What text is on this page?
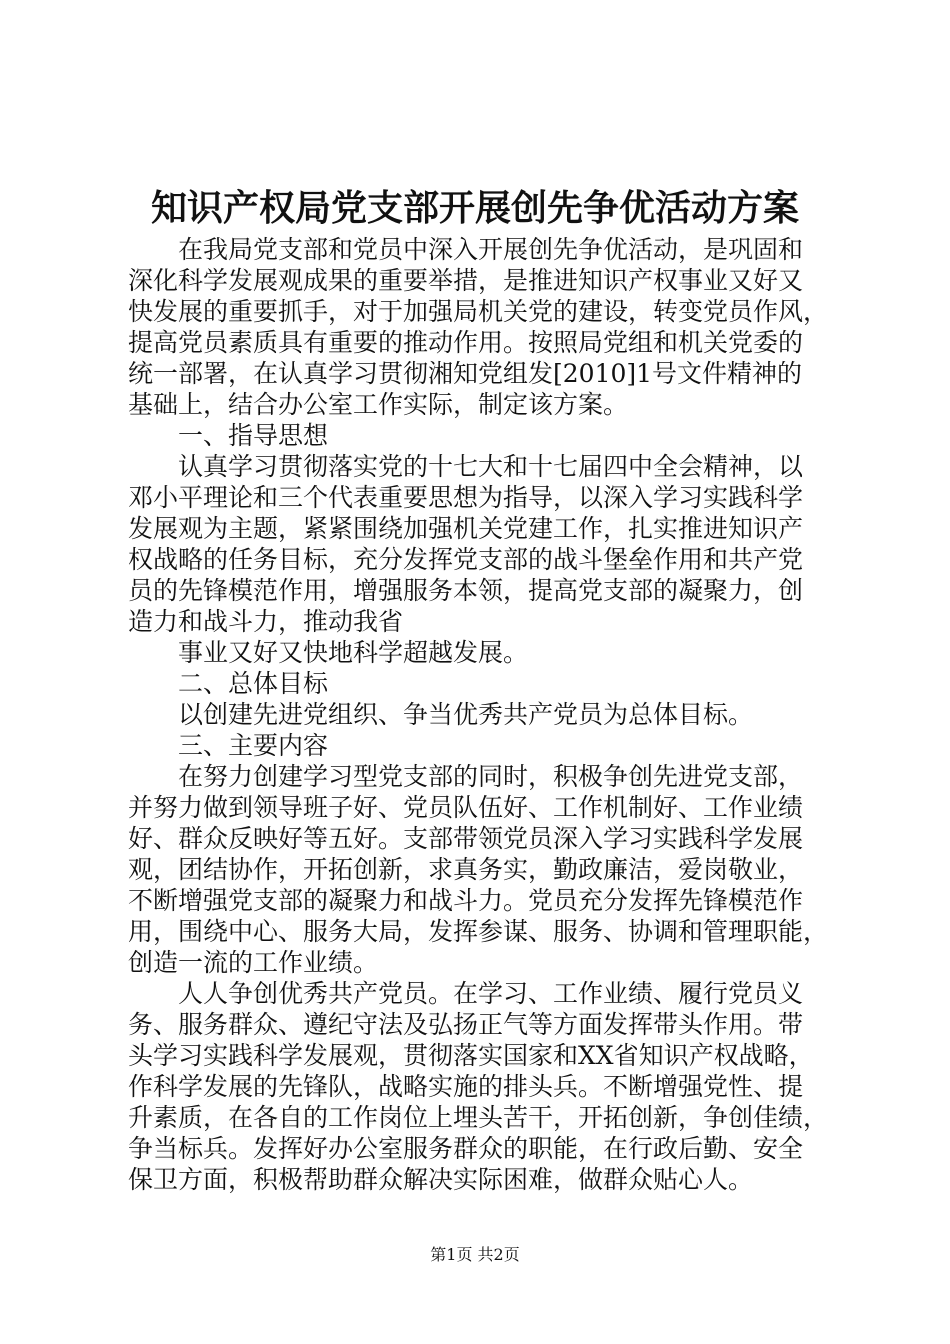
知识产权局党支部开展创先争优活动方案
在我局党支部和党员中深入开展创先争优活动，是巩固和
深化科学发展观成果的重要举措，是推进知识产权事业又好又
快发展的重要抓手，对于加强局机关党的建设，转变党员作风，
提高党员素质具有重要的推动作用。按照局党组和机关党委的
统一部署，在认真学习贯彻湘知党组发[2010]1号文件精神的
基础上，结合办公室工作实际，制定该方案。
一、指导思想
认真学习贯彻落实党的十七大和十七届四中全会精神，以
邓小平理论和三个代表重要思想为指导，以深入学习实践科学
发展观为主题，紧紧围绕加强机关党建工作，扎实推进知识产
权战略的任务目标，充分发挥党支部的战斗堡垒作用和共产党
员的先锋模范作用，增强服务本领，提高党支部的凝聚力，创
造力和战斗力，推动我省
事业又好又快地科学超越发展。
二、总体目标
以创建先进党组织、争当优秀共产党员为总体目标。
三、主要内容
在努力创建学习型党支部的同时，积极争创先进党支部，
并努力做到领导班子好、党员队伍好、工作机制好、工作业绩
好、群众反映好等五好。支部带领党员深入学习实践科学发展
观，团结协作，开拓创新，求真务实，勤政廉洁，爱岗敬业，
不断增强党支部的凝聚力和战斗力。党员充分发挥先锋模范作
用，围绕中心、服务大局，发挥参谋、服务、协调和管理职能，
创造一流的工作业绩。
人人争创优秀共产党员。在学习、工作业绩、履行党员义
务、服务群众、遵纪守法及弘扬正气等方面发挥带头作用。带
头学习实践科学发展观，贯彻落实国家和XX省知识产权战略，
作科学发展的先锋队，战略实施的排头兵。不断增强党性、提
升素质，在各自的工作岗位上埋头苦干，开拓创新，争创佳绩，
争当标兵。发挥好办公室服务群众的职能，在行政后勤、安全
保卫方面，积极帮助群众解决实际困难，做群众贴心人。
第1页 共2页
